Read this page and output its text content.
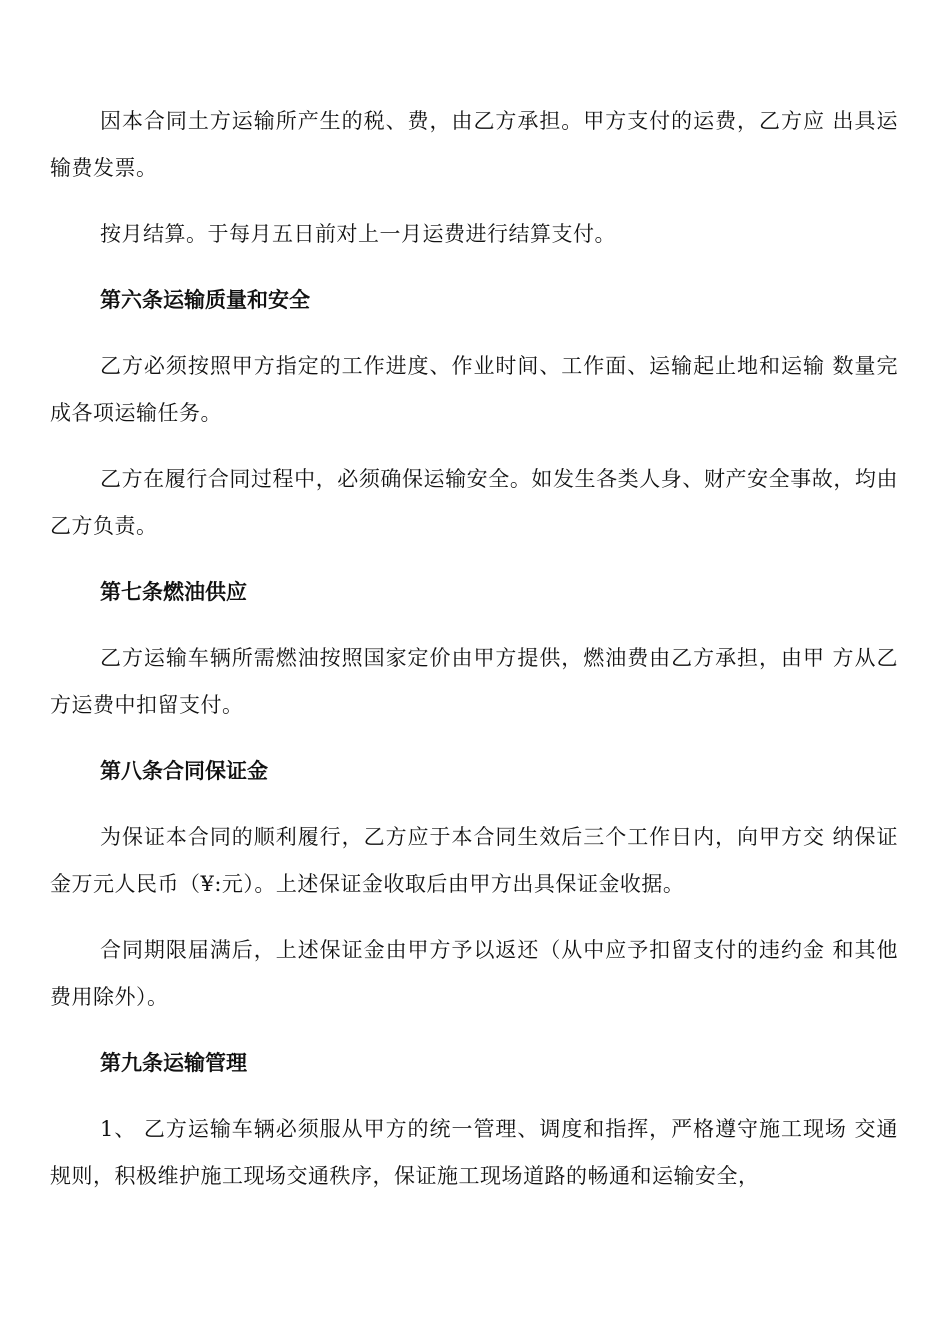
因本合同土方运输所产生的税、费，由乙方承担。甲方支付的运费，乙方应 出具运输费发票。

按月结算。于每月五日前对上一月运费进行结算支付。

第六条运输质量和安全

乙方必须按照甲方指定的工作进度、作业时间、工作面、运输起止地和运输 数量完成各项运输任务。

乙方在履行合同过程中，必须确保运输安全。如发生各类人身、财产安全事故，均由乙方负责。

第七条燃油供应

乙方运输车辆所需燃油按照国家定价由甲方提供，燃油费由乙方承担，由甲 方从乙方运费中扣留支付。

第八条合同保证金

为保证本合同的顺利履行，乙方应于本合同生效后三个工作日内，向甲方交 纳保证金万元人民币（¥:元）。上述保证金收取后由甲方出具保证金收据。

合同期限届满后，上述保证金由甲方予以返还（从中应予扣留支付的违约金 和其他费用除外）。

第九条运输管理

1、 乙方运输车辆必须服从甲方的统一管理、调度和指挥，严格遵守施工现场 交通规则，积极维护施工现场交通秩序，保证施工现场道路的畅通和运输安全，
